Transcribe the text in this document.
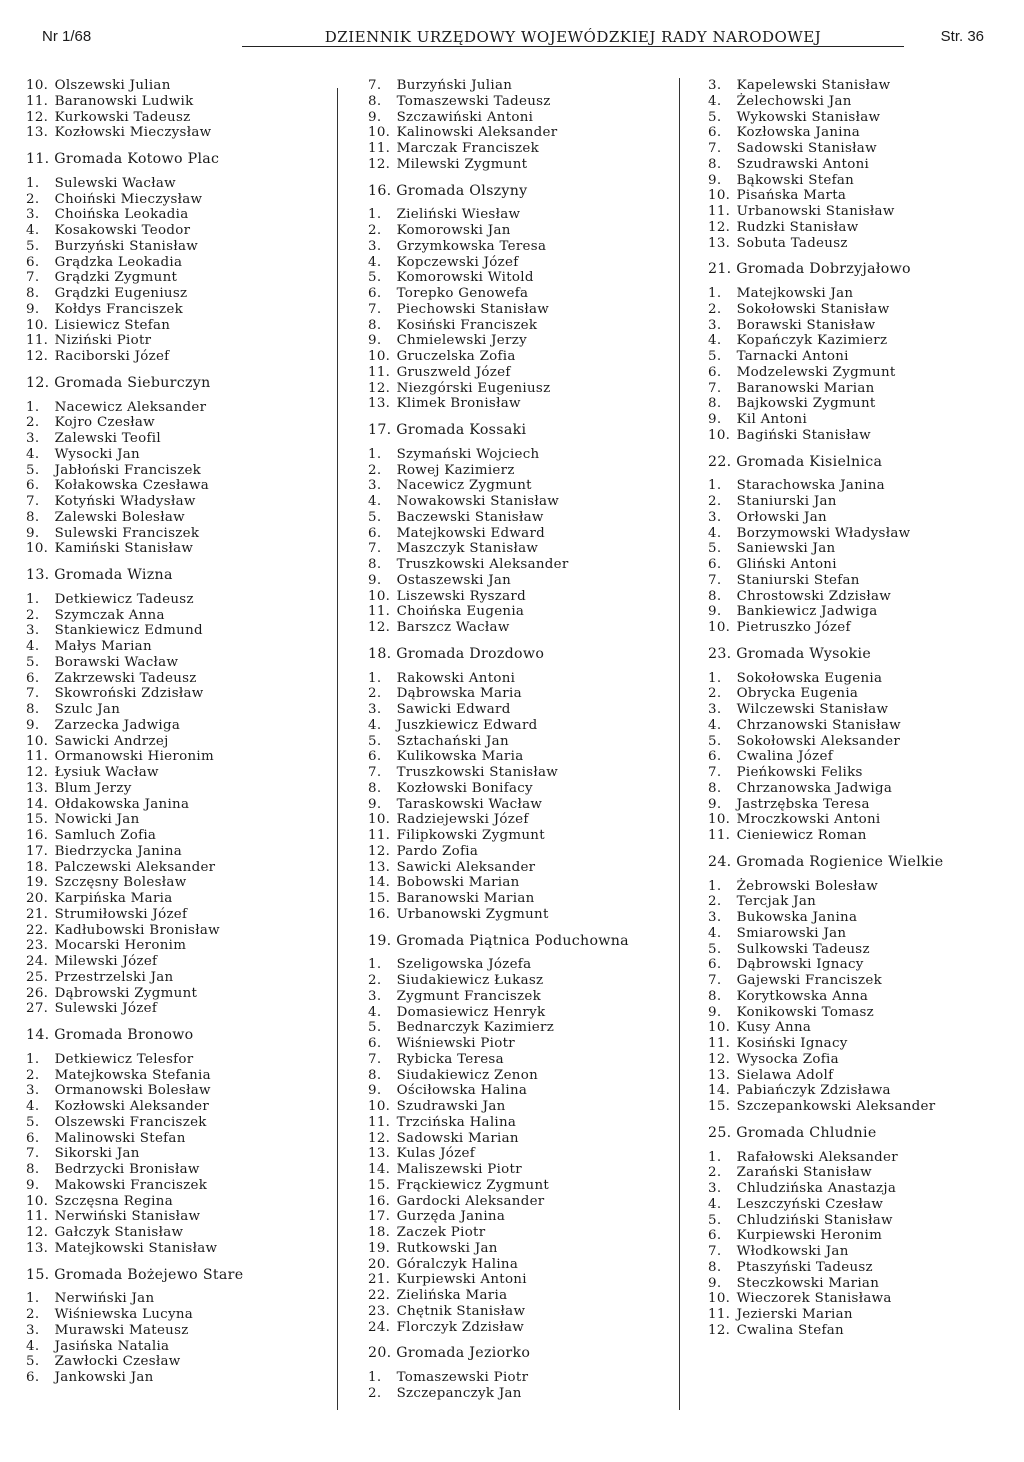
Nr 1/68	DZIENNIK URZĘDOWY WOJEWÓDZKIEJ RADY NARODOWEJ	Str. 36
10. Olszewski Julian
11. Baranowski Ludwik
12. Kurkowski Tadeusz
13. Kozłowski Mieczysław
11. Gromada Kotowo Plac
1. Sulewski Wacław
2. Choiński Mieczysław
3. Choińska Leokadia
4. Kosakowski Teodor
5. Burzyński Stanisław
6. Grądzka Leokadia
7. Grądzki Zygmunt
8. Grądzki Eugeniusz
9. Kołdys Franciszek
10. Lisiewicz Stefan
11. Niziński Piotr
12. Raciborski Józef
12. Gromada Sieburczyn
1. Nacewicz Aleksander
2. Kojro Czesław
3. Zalewski Teofil
4. Wysocki Jan
5. Jabłoński Franciszek
6. Kołakowska Czesława
7. Kotyński Władysław
8. Zalewski Bolesław
9. Sulewski Franciszek
10. Kamiński Stanisław
13. Gromada Wizna
1. Detkiewicz Tadeusz
2. Szymczak Anna
3. Stankiewicz Edmund
4. Małys Marian
5. Borawski Wacław
6. Zakrzewski Tadeusz
7. Skowroński Zdzisław
8. Szulc Jan
9. Zarzecka Jadwiga
10. Sawicki Andrzej
11. Ormanowski Hieronim
12. Łysiuk Wacław
13. Blum Jerzy
14. Ołdakowska Janina
15. Nowicki Jan
16. Samluch Zofia
17. Biedrzycka Janina
18. Palczewski Aleksander
19. Szczęsny Bolesław
20. Karpińska Maria
21. Strumiłowski Józef
22. Kadłubowski Bronisław
23. Mocarski Heronim
24. Milewski Józef
25. Przestrzelski Jan
26. Dąbrowski Zygmunt
27. Sulewski Józef
14. Gromada Bronowo
1. Detkiewicz Telesfor
2. Matejkowska Stefania
3. Ormanowski Bolesław
4. Kozłowski Aleksander
5. Olszewski Franciszek
6. Malinowski Stefan
7. Sikorski Jan
8. Bedrzycki Bronisław
9. Makowski Franciszek
10. Szczęsna Regina
11. Nerwiński Stanisław
12. Gałczyk Stanisław
13. Matejkowski Stanisław
15. Gromada Bożejewo Stare
1. Nerwiński Jan
2. Wiśniewska Lucyna
3. Murawski Mateusz
4. Jasińska Natalia
5. Zawłocki Czesław
6. Jankowski Jan
7. Burzyński Julian
8. Tomaszewski Tadeusz
9. Szczawiński Antoni
10. Kalinowski Aleksander
11. Marczak Franciszek
12. Milewski Zygmunt
16. Gromada Olszyny
1. Zieliński Wiesław
2. Komorowski Jan
3. Grzymkowska Teresa
4. Kopczewski Józef
5. Komorowski Witold
6. Torepko Genowefa
7. Piechowski Stanisław
8. Kosiński Franciszek
9. Chmielewski Jerzy
10. Gruczelska Zofia
11. Gruszweld Józef
12. Niezgórski Eugeniusz
13. Klimek Bronisław
17. Gromada Kossaki
1. Szymański Wojciech
2. Rowej Kazimierz
3. Nacewicz Zygmunt
4. Nowakowski Stanisław
5. Baczewski Stanisław
6. Matejkowski Edward
7. Maszczyk Stanisław
8. Truszkowski Aleksander
9. Ostaszewski Jan
10. Liszewski Ryszard
11. Choińska Eugenia
12. Barszcz Wacław
18. Gromada Drozdowo
1. Rakowski Antoni
2. Dąbrowska Maria
3. Sawicki Edward
4. Juszkiewicz Edward
5. Sztachański Jan
6. Kulikowska Maria
7. Truszkowski Stanisław
8. Kozłowski Bonifacy
9. Taraskowski Wacław
10. Radziejewski Józef
11. Filipkowski Zygmunt
12. Pardo Zofia
13. Sawicki Aleksander
14. Bobowski Marian
15. Baranowski Marian
16. Urbanowski Zygmunt
19. Gromada Piątnica Poduchowna
1. Szeligowska Józefa
2. Siudakiewicz Łukasz
3. Zygmunt Franciszek
4. Domasiewicz Henryk
5. Bednarczyk Kazimierz
6. Wiśniewski Piotr
7. Rybicka Teresa
8. Siudakiewicz Zenon
9. Ościłowska Halina
10. Szudrawski Jan
11. Trzcińska Halina
12. Sadowski Marian
13. Kulas Józef
14. Maliszewski Piotr
15. Frąckiewicz Zygmunt
16. Gardocki Aleksander
17. Gurzęda Janina
18. Zaczek Piotr
19. Rutkowski Jan
20. Góralczyk Halina
21. Kurpiewski Antoni
22. Zielińska Maria
23. Chętnik Stanisław
24. Florczyk Zdzisław
20. Gromada Jeziorko
1. Tomaszewski Piotr
2. Szczepanczyk Jan
3. Kapelewski Stanisław
4. Żelechowski Jan
5. Wykowski Stanisław
6. Kozłowska Janina
7. Sadowski Stanisław
8. Szudrawski Antoni
9. Bąkowski Stefan
10. Pisańska Marta
11. Urbanowski Stanisław
12. Rudzki Stanisław
13. Sobuta Tadeusz
21. Gromada Dobrzyjałowo
1. Matejkowski Jan
2. Sokołowski Stanisław
3. Borawski Stanisław
4. Kopańczyk Kazimierz
5. Tarnacki Antoni
6. Modzelewski Zygmunt
7. Baranowski Marian
8. Bajkowski Zygmunt
9. Kil Antoni
10. Bagiński Stanisław
22. Gromada Kisielnica
1. Starachowska Janina
2. Staniurski Jan
3. Orłowski Jan
4. Borzymowski Władysław
5. Saniewski Jan
6. Gliński Antoni
7. Staniurski Stefan
8. Chrostowski Zdzisław
9. Bankiewicz Jadwiga
10. Pietruszko Józef
23. Gromada Wysokie
1. Sokołowska Eugenia
2. Obrycka Eugenia
3. Wilczewski Stanisław
4. Chrzanowski Stanisław
5. Sokołowski Aleksander
6. Cwalina Józef
7. Pieńkowski Feliks
8. Chrzanowska Jadwiga
9. Jastrzębska Teresa
10. Mroczkowski Antoni
11. Cieniewicz Roman
24. Gromada Rogienice Wielkie
1. Żebrowski Bolesław
2. Tercjak Jan
3. Bukowska Janina
4. Smiarowski Jan
5. Sulkowski Tadeusz
6. Dąbrowski Ignacy
7. Gajewski Franciszek
8. Korytkowska Anna
9. Konikowski Tomasz
10. Kusy Anna
11. Kosiński Ignacy
12. Wysocka Zofia
13. Sielawa Adolf
14. Pabiańczyk Zdzisława
15. Szczepankowski Aleksander
25. Gromada Chludnie
1. Rafałowski Aleksander
2. Zarański Stanisław
3. Chludzińska Anastazja
4. Leszczyński Czesław
5. Chludziński Stanisław
6. Kurpiewski Heronim
7. Włodkowski Jan
8. Ptaszyński Tadeusz
9. Steczkowski Marian
10. Wieczorek Stanisława
11. Jezierski Marian
12. Cwalina Stefan
